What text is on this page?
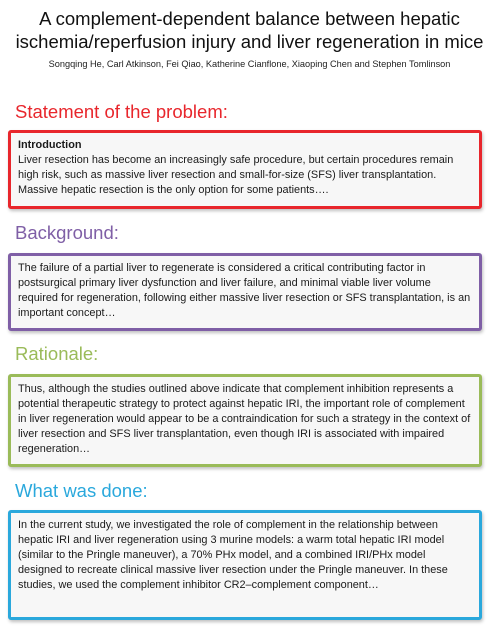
A complement-dependent balance between hepatic
ischemia/reperfusion injury and liver regeneration in mice
Songqing He, Carl Atkinson, Fei Qiao, Katherine Cianflone, Xiaoping Chen and Stephen Tomlinson
Statement of the problem:
Introduction
Liver resection has become an increasingly safe procedure, but certain procedures remain high risk, such as massive liver resection and small-for-size (SFS) liver transplantation. Massive hepatic resection is the only option for some patients….
Background:
The failure of a partial liver to regenerate is considered a critical contributing factor in postsurgical primary liver dysfunction and liver failure, and minimal viable liver volume required for regeneration, following either massive liver resection or SFS transplantation, is an important concept…
Rationale:
Thus, although the studies outlined above indicate that complement inhibition represents a potential therapeutic strategy to protect against hepatic IRI, the important role of complement in liver regeneration would appear to be a contraindication for such a strategy in the context of liver resection and SFS liver transplantation, even though IRI is associated with impaired regeneration…
What was done:
In the current study, we investigated the role of complement in the relationship between hepatic IRI and liver regeneration using 3 murine models: a warm total hepatic IRI model (similar to the Pringle maneuver), a 70% PHx model, and a combined IRI/PHx model designed to recreate clinical massive liver resection under the Pringle maneuver. In these studies, we used the complement inhibitor CR2–complement component…
